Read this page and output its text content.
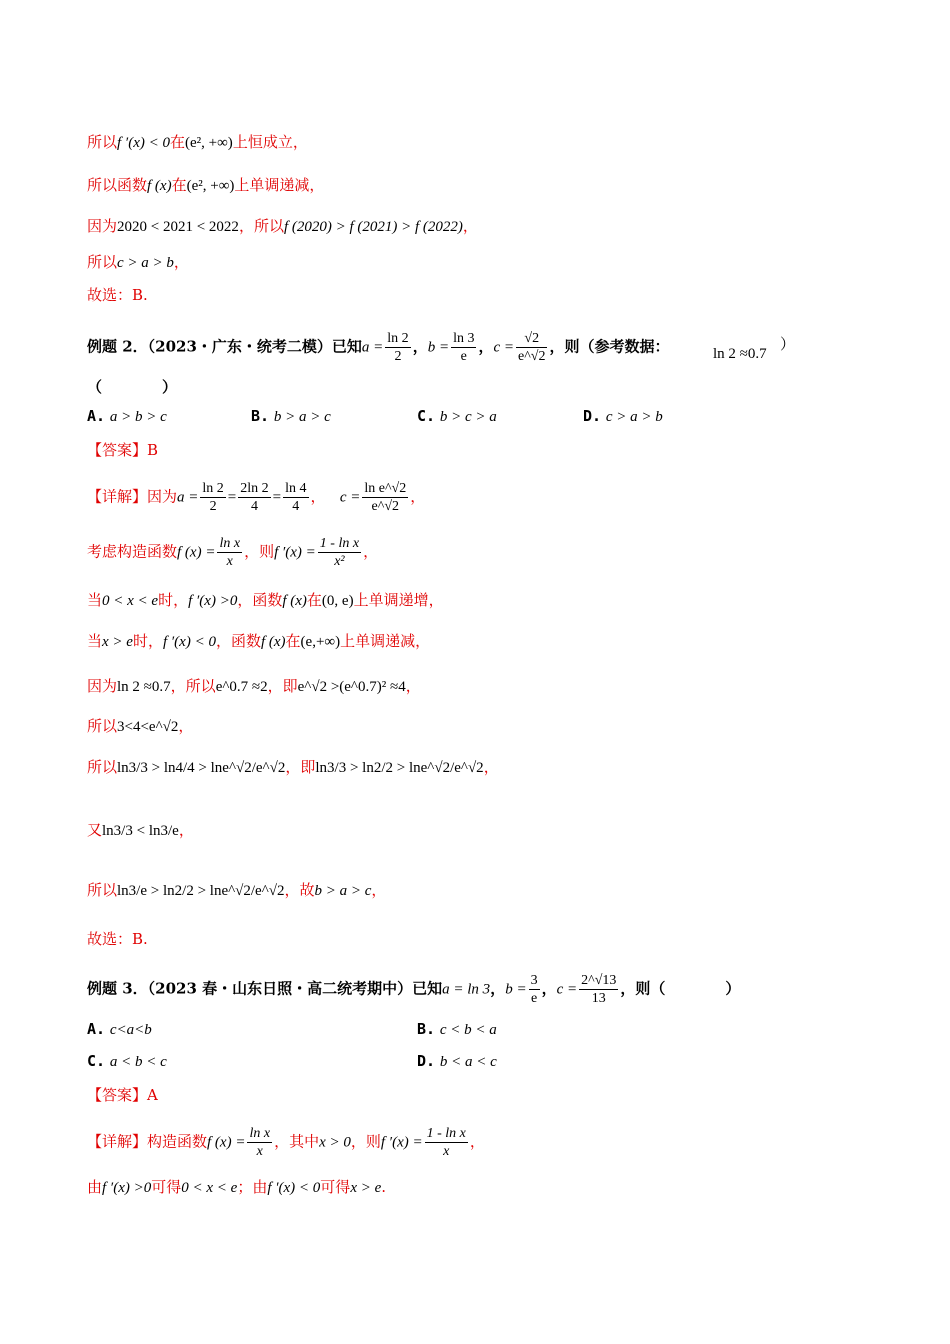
所以f ′(x) < 0在(e², +∞)上恒成立，
所以函数f (x)在(e², +∞)上单调递减，
因为2020 < 2021 < 2022，所以f (2020) > f (2021) > f (2022)，
所以c > a > b，
故选：B.
例题 2．（2023・广东・统考二模）已知$a = \frac{\ln 2}{2}$ ，$b = \frac{\ln 3}{e}$ ，$c = \frac{√2}{e\^{}√2}$ ，则（参考数据：	ln 2 ≈0.7
）
（　　　　）
A. a > b > c	B. b > a > c	C. b > c > a	D. c > a > b
【答案】B
【详解】因为$a = \frac{\ln 2}{2} = \frac{2\ln 2}{4} = \frac{\ln 4}{4}$ ，   $c = \frac{\text{ln e\textasciicircum{}√2}}{e\^{}√2}$ ，
考虑构造函数f $(x) = \frac{\text{ln x}}{x}$ ，则f $'(x) = \frac{\text{1 - ln x}}{\text{x²}}$ ，
当0 < x < e时，f ′(x) >0，函数f (x)在(0, e)上单调递增，
当x > e时，f ′(x) < 0，函数f (x)在(e,+∞)上单调递减，
因为ln 2 ≈0.7，所以e^0.7 ≈2，即e^√2 >(e^0.7)² ≈4，
所以3<4<e^√2，
所以ln3/3 > ln4/4 > lne^√2/e^√2，即ln3/3 > ln2/2 > lne^√2/e^√2，
又ln3/3 < ln3/e，
所以ln3/e > ln2/2 > lne^√2/e^√2，故b > a > c，
故选：B.
例题 3．（2023 春・山东日照・高二统考期中）已知a = ln 3，$b = \frac{3}{e}$ ，$c = \frac{2\^{}√13}{13}$ ，则（　　　　）
A. c<a<b	B. c < b < a
C. a < b < c	D. b < a < c
【答案】A
【详解】构造函数f $(x) = \frac{\text{ln x}}{x}$ ，其中x > 0，则f $'(x) = \frac{\text{1 - ln x}}{x}$ ，
由f ′(x) >0可得0 < x < e；由f ′(x) < 0可得x > e.
